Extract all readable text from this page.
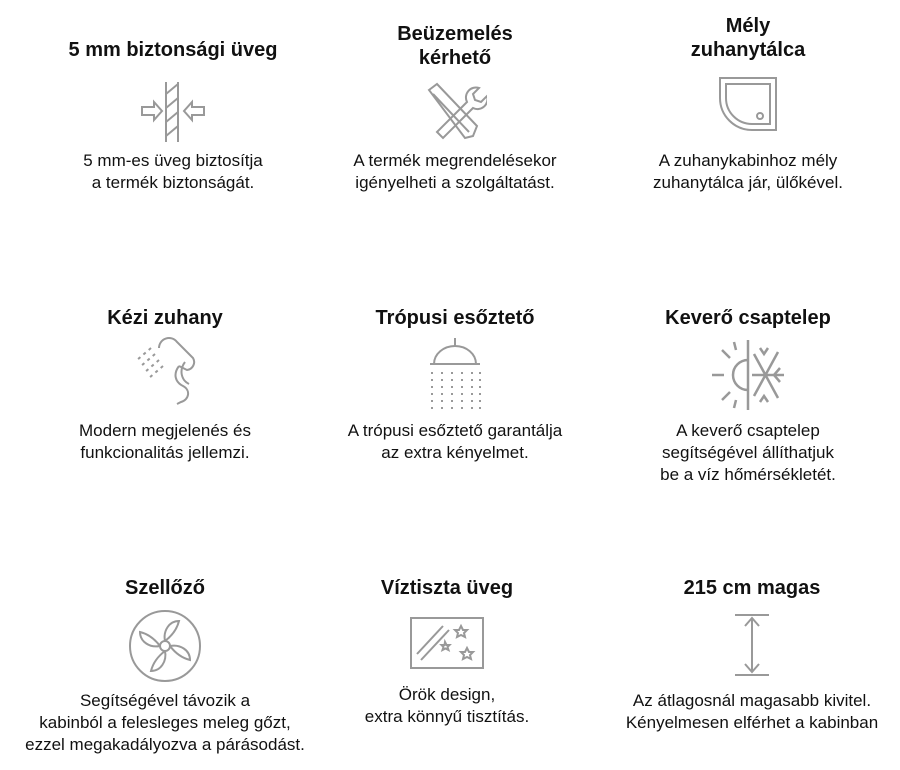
5 mm biztonsági üveg
5 mm-es üveg biztosítja
a termék biztonságát.
Beüzemelés
kérhető
A termék megrendelésekor
igényelheti a szolgáltatást.
Mély
zuhanytálca
A zuhanykabinhoz mély
zuhanytálca jár, ülőkével.
Kézi zuhany
Modern megjelenés és
funkcionalitás jellemzi.
Trópusi esőztető
A trópusi esőztető garantálja
az extra kényelmet.
Keverő csaptelep
A keverő csaptelep
segítségével állíthatjuk
be a víz hőmérsékletét.
Szellőző
Segítségével távozik a
kabinból a felesleges meleg gőzt,
ezzel megakadályozva a párásodást.
Víztiszta üveg
Örök design,
extra könnyű tisztítás.
215 cm magas
Az átlagosnál magasabb kivitel.
Kényelmesen elférhet a kabinban
